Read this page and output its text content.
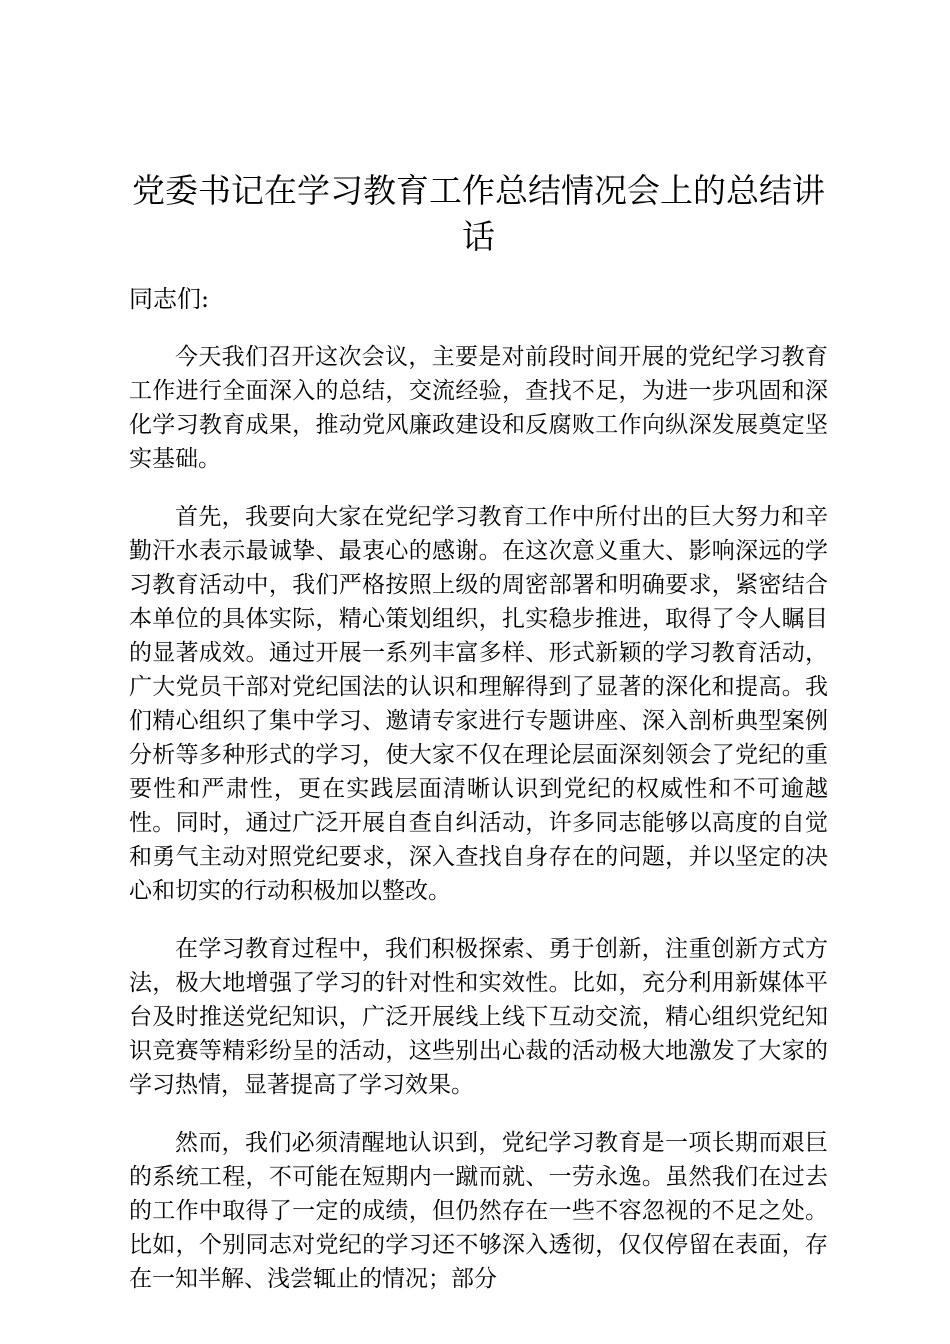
党委书记在学习教育工作总结情况会上的总结讲话

同志们:

今天我们召开这次会议，主要是对前段时间开展的党纪学习教育工作进行全面深入的总结，交流经验，查找不足，为进一步巩固和深化学习教育成果，推动党风廉政建设和反腐败工作向纵深发展奠定坚实基础。

首先，我要向大家在党纪学习教育工作中所付出的巨大努力和辛勤汗水表示最诚挚、最衷心的感谢。在这次意义重大、影响深远的学习教育活动中，我们严格按照上级的周密部署和明确要求，紧密结合本单位的具体实际，精心策划组织，扎实稳步推进，取得了令人瞩目的显著成效。通过开展一系列丰富多样、形式新颖的学习教育活动，广大党员干部对党纪国法的认识和理解得到了显著的深化和提高。我们精心组织了集中学习、邀请专家进行专题讲座、深入剖析典型案例分析等多种形式的学习，使大家不仅在理论层面深刻领会了党纪的重要性和严肃性，更在实践层面清晰认识到党纪的权威性和不可逾越性。同时，通过广泛开展自查自纠活动，许多同志能够以高度的自觉和勇气主动对照党纪要求，深入查找自身存在的问题，并以坚定的决心和切实的行动积极加以整改。

在学习教育过程中，我们积极探索、勇于创新，注重创新方式方法，极大地增强了学习的针对性和实效性。比如，充分利用新媒体平台及时推送党纪知识，广泛开展线上线下互动交流，精心组织党纪知识竞赛等精彩纷呈的活动，这些别出心裁的活动极大地激发了大家的学习热情，显著提高了学习效果。

然而，我们必须清醒地认识到，党纪学习教育是一项长期而艰巨的系统工程，不可能在短期内一蹴而就、一劳永逸。虽然我们在过去的工作中取得了一定的成绩，但仍然存在一些不容忽视的不足之处。比如，个别同志对党纪的学习还不够深入透彻，仅仅停留在表面，存在一知半解、浅尝辄止的情况；部分
